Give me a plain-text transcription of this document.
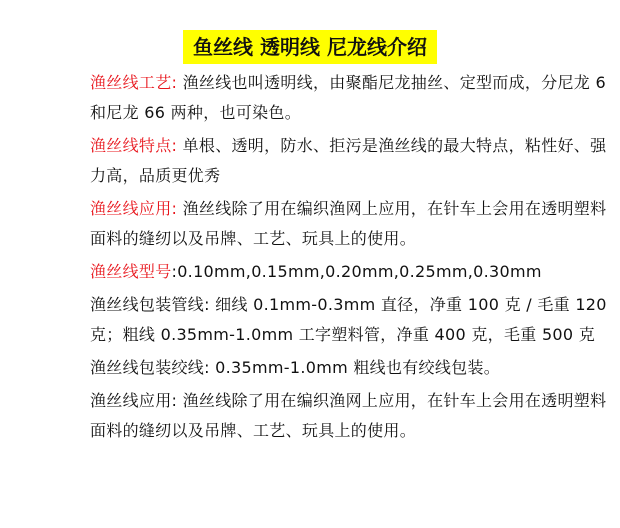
鱼丝线 透明线 尼龙线介绍

渔丝线工艺: 渔丝线也叫透明线，由聚酯尼龙抽丝、定型而成，分尼龙 6 和尼龙 66 两种，也可染色。

渔丝线特点: 单根、透明，防水、拒污是渔丝线的最大特点，粘性好、强力高，品质更优秀

渔丝线应用: 渔丝线除了用在编织渔网上应用，在针车上会用在透明塑料面料的缝纫以及吊牌、工艺、玩具上的使用。

渔丝线型号:0.10mm,0.15mm,0.20mm,0.25mm,0.30mm

渔丝线包装管线: 细线 0.1mm-0.3mm 直径，净重 100 克 / 毛重 120 克；粗线 0.35mm-1.0mm 工字塑料管，净重 400 克，毛重 500 克

渔丝线包装绞线: 0.35mm-1.0mm 粗线也有绞线包装。

渔丝线应用: 渔丝线除了用在编织渔网上应用，在针车上会用在透明塑料面料的缝纫以及吊牌、工艺、玩具上的使用。
